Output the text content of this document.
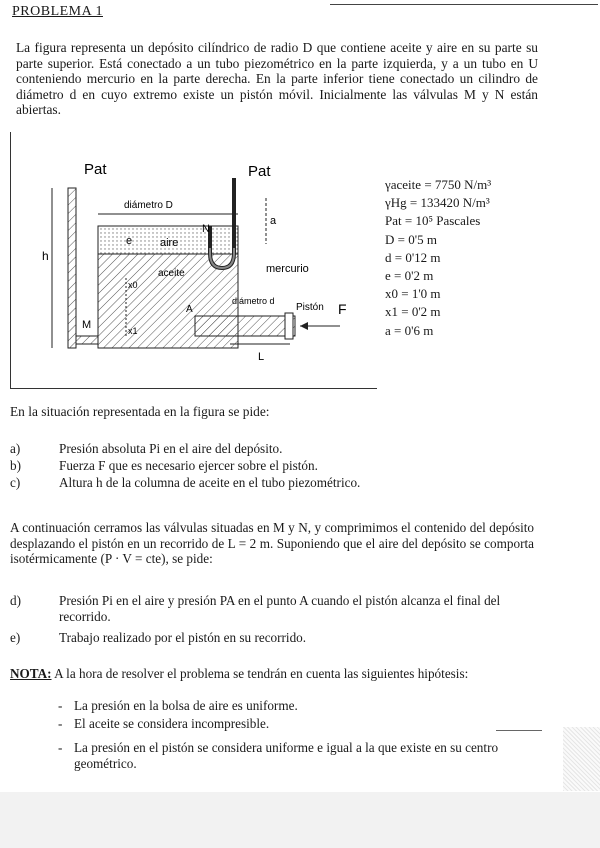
PROBLEMA 1
La figura representa un depósito cilíndrico de radio D que contiene aceite y aire en su parte su parte superior. Está conectado a un tubo piezométrico en la parte izquierda, y a un tubo en U conteniendo mercurio en la parte derecha. En la parte inferior tiene conectado un cilindro de diámetro d en cuyo extremo existe un pistón móvil. Inicialmente las válvulas M y N están abiertas.
Pat	Pat
diámetro D
e	aire
aceite
N
M
h
a
mercurio
x0
x1
A
diámetro d
Pistón F
L
γaceite = 7750 N/m³
γHg = 133420 N/m³
Pat = 10⁵ Pascales
D = 0'5 m
d = 0'12 m
e = 0'2 m
x0 = 1'0 m
x1 = 0'2 m
a = 0'6 m
En la situación representada en la figura se pide:
a)	Presión absoluta Pi en el aire del depósito.
b)	Fuerza F que es necesario ejercer sobre el pistón.
c)	Altura h de la columna de aceite en el tubo piezométrico.
A continuación cerramos las válvulas situadas en M y N, y comprimimos el contenido del depósito desplazando el pistón en un recorrido de L = 2 m. Suponiendo que el aire del depósito se comporta isotérmicamente (P · V = cte), se pide:
d)	Presión Pi en el aire y presión PA en el punto A cuando el pistón alcanza el final del recorrido.
e)	Trabajo realizado por el pistón en su recorrido.
NOTA: A la hora de resolver el problema se tendrán en cuenta las siguientes hipótesis:
- La presión en la bolsa de aire es uniforme.
- El aceite se considera incompresible.
- La presión en el pistón se considera uniforme e igual a la que existe en su centro geométrico.
